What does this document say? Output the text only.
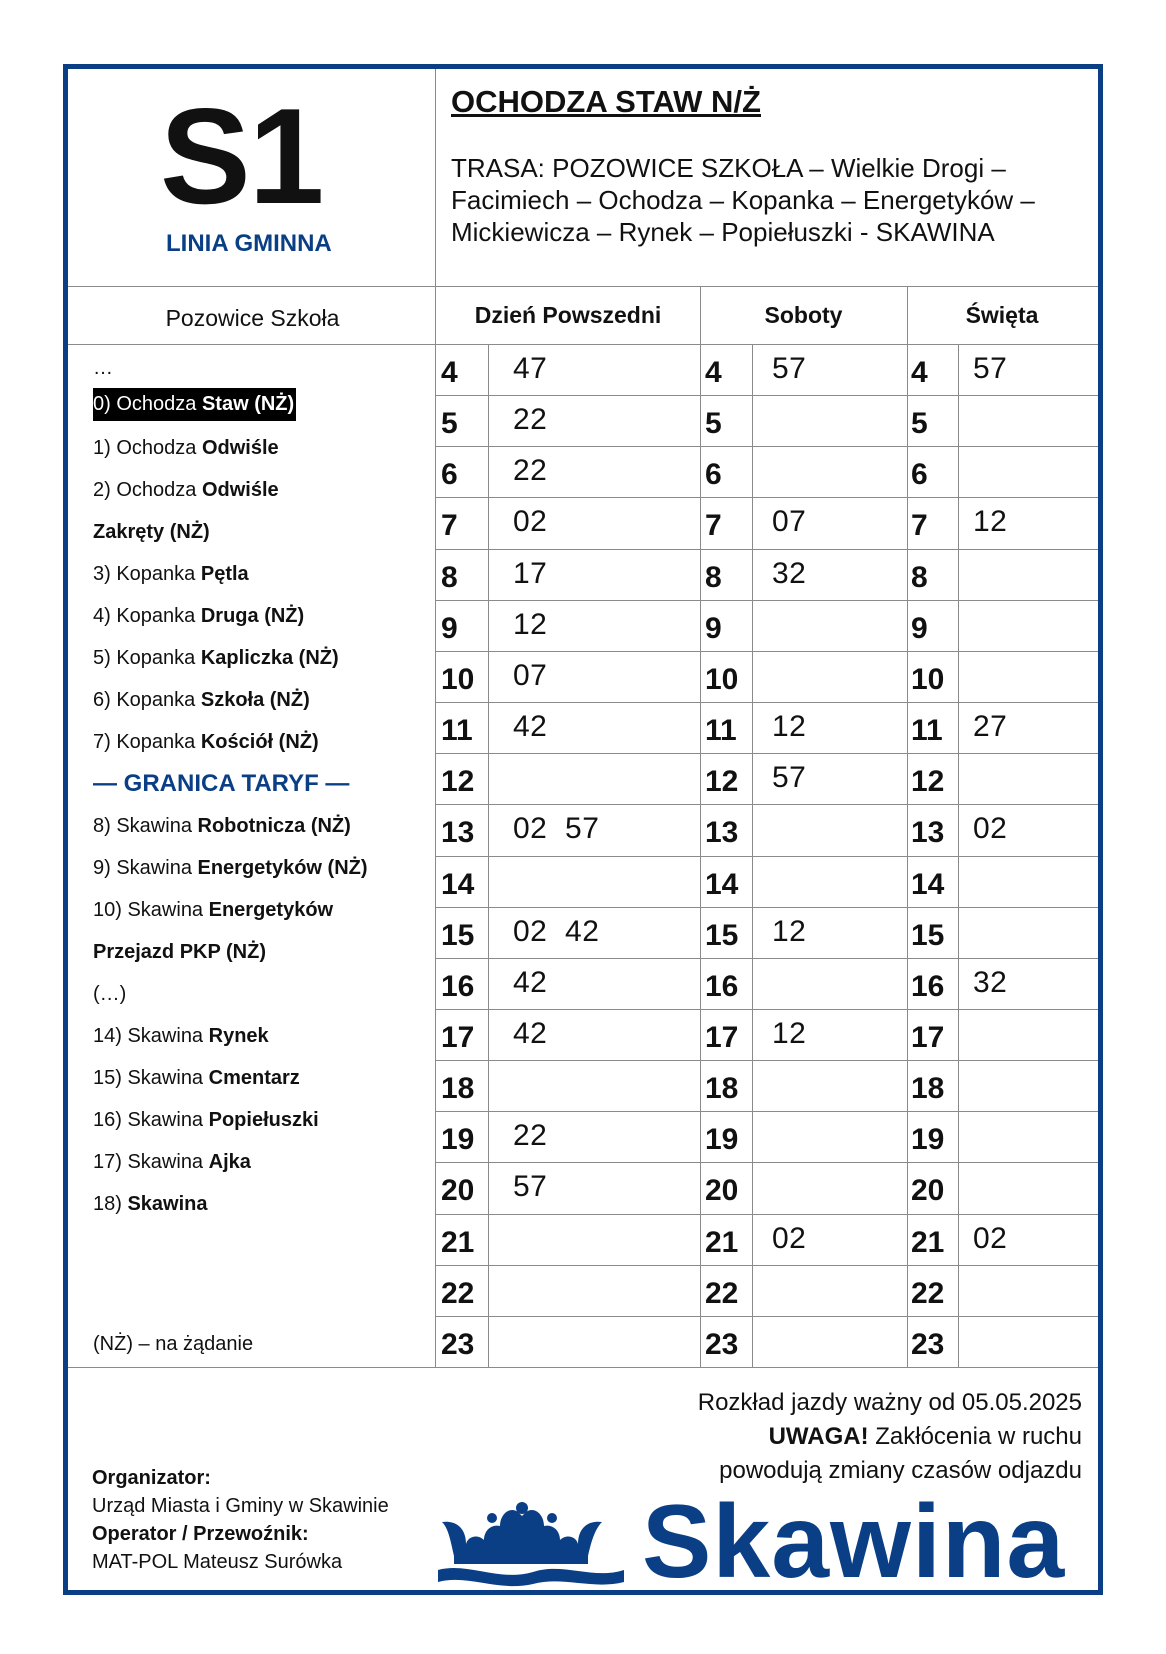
4 47	4 57	4 57
5 22	5	5
6 22	6	6
7 02	7 07	7 12
8 17	8 32	8
9 12	9	9
10 07	10	10
11 42	11 12	11 27
12	12 57	12
13 02  57	13	13 02
14	14	14
15 02  42	15 12	15
16 42	16	16 32
17 42	17 12	17
18	18	18
19 22	19	19
20 57	20	20
21	21 02	21 02
22	22	22
23	23	23
S1
LINIA GMINNA
OCHODZA STAW N/Ż
TRASA: POZOWICE SZKOŁA – Wielkie Drogi – Facimiech – Ochodza – Kopanka – Energetyków – Mickiewicza – Rynek – Popiełuszki - SKAWINA
Pozowice Szkoła	Dzień Powszedni	Soboty	Święta
…
0) Ochodza Staw (NŻ)
1) Ochodza Odwiśle
2) Ochodza Odwiśle
Zakręty (NŻ)
3) Kopanka Pętla
4) Kopanka Druga (NŻ)
5) Kopanka Kapliczka (NŻ)
6) Kopanka Szkoła (NŻ)
7) Kopanka Kościół (NŻ)
— GRANICA TARYF —
8) Skawina Robotnicza (NŻ)
9) Skawina Energetyków (NŻ)
10) Skawina Energetyków
Przejazd PKP (NŻ)
(…)
14) Skawina Rynek
15) Skawina Cmentarz
16) Skawina Popiełuszki
17) Skawina Ajka
18) Skawina
(NŻ) – na żądanie
Rozkład jazdy ważny od 05.05.2025
UWAGA! Zakłócenia w ruchu
powodują zmiany czasów odjazdu
Organizator:
Urząd Miasta i Gminy w Skawinie
Operator / Przewoźnik:
MAT-POL Mateusz Surówka	Skawina
